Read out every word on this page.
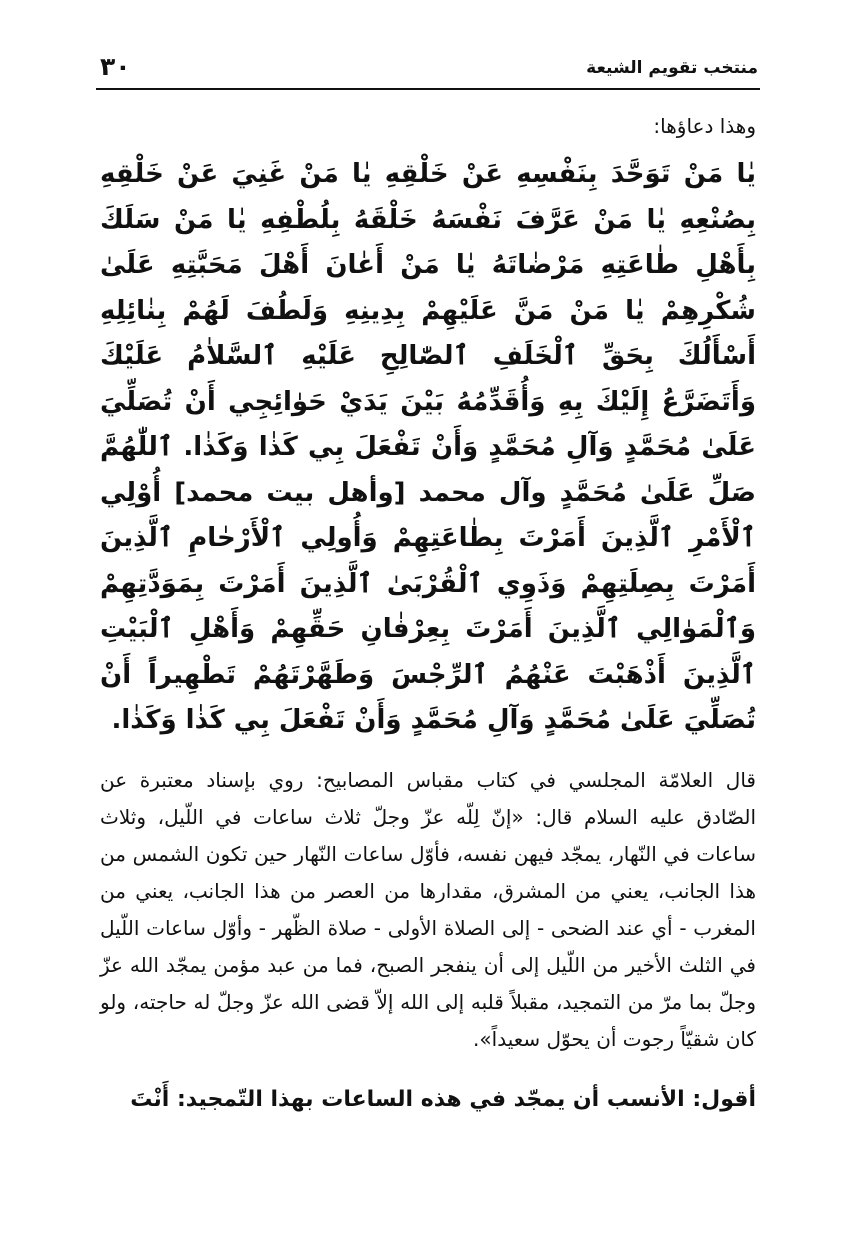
٣٠	منتخب تقويم الشيعة

وهذا دعاؤها:

يٰا مَنْ تَوَحَّدَ بِنَفْسِهِ عَنْ خَلْقِهِ يٰا مَنْ غَنِيَ عَنْ خَلْقِهِ بِصُنْعِهِ يٰا مَنْ عَرَّفَ نَفْسَهُ خَلْقَهُ بِلُطْفِهِ يٰا مَنْ سَلَكَ بِأَهْلِ طٰاعَتِهِ مَرْضٰاتَهُ يٰا مَنْ أَعٰانَ أَهْلَ مَحَبَّتِهِ عَلَىٰ شُكْرِهِمْ يٰا مَنْ مَنَّ عَلَيْهِمْ بِدِينِهِ وَلَطُفَ لَهُمْ بِنٰائِلِهِ أَسْأَلُكَ بِحَقِّ ٱلْخَلَفِ ٱلصّٰالِحِ عَلَيْهِ ٱلسَّلاٰمُ عَلَيْكَ وَأَتَضَرَّعُ إِلَيْكَ بِهِ وَأُقَدِّمُهُ بَيْنَ يَدَيْ حَوٰائِجِي أَنْ تُصَلِّيَ عَلَىٰ مُحَمَّدٍ وَآلِ مُحَمَّدٍ وَأَنْ تَفْعَلَ بِي كَذٰا وَكَذٰا. ٱللّٰهُمَّ صَلِّ عَلَىٰ مُحَمَّدٍ وآل محمد [وأهل بيت محمد] أُوْلِي ٱلْأَمْرِ ٱلَّذِينَ أَمَرْتَ بِطٰاعَتِهِمْ وَأُولِي ٱلْأَرْحٰامِ ٱلَّذِينَ أَمَرْتَ بِصِلَتِهِمْ وَذَوِي ٱلْقُرْبَىٰ ٱلَّذِينَ أَمَرْتَ بِمَوَدَّتِهِمْ وَٱلْمَوٰالِي ٱلَّذِينَ أَمَرْتَ بِعِرْفٰانِ حَقِّهِمْ وَأَهْلِ ٱلْبَيْتِ ٱلَّذِينَ أَذْهَبْتَ عَنْهُمُ ٱلرِّجْسَ وَطَهَّرْتَهُمْ تَطْهِيراً أَنْ تُصَلِّيَ عَلَىٰ مُحَمَّدٍ وَآلِ مُحَمَّدٍ وَأَنْ تَفْعَلَ بِي كَذٰا وَكَذٰا.

قال العلامّة المجلسي في كتاب مقباس المصابيح: روي بإسناد معتبرة عن الصّادق عليه السلام قال: «إنّ لِلّه عزّ وجلّ ثلاث ساعات في اللّيل، وثلاث ساعات في النّهار، يمجّد فيهن نفسه، فأوّل ساعات النّهار حين تكون الشمس من هذا الجانب، يعني من المشرق، مقدارها من العصر من هذا الجانب، يعني من المغرب - أي عند الضحى - إلى الصلاة الأولى - صلاة الظّهر - وأوّل ساعات اللّيل في الثلث الأخير من اللّيل إلى أن ينفجر الصبح، فما من عبد مؤمن يمجّد الله عزّ وجلّ بما مرّ من التمجيد، مقبلاً قلبه إلى الله إلاّ قضى الله عزّ وجلّ له حاجته، ولو كان شقيّاً رجوت أن يحوّل سعيداً».

أقول: الأنسب أن يمجّد في هذه الساعات بهذا التّمجيد: أَنْتَ
